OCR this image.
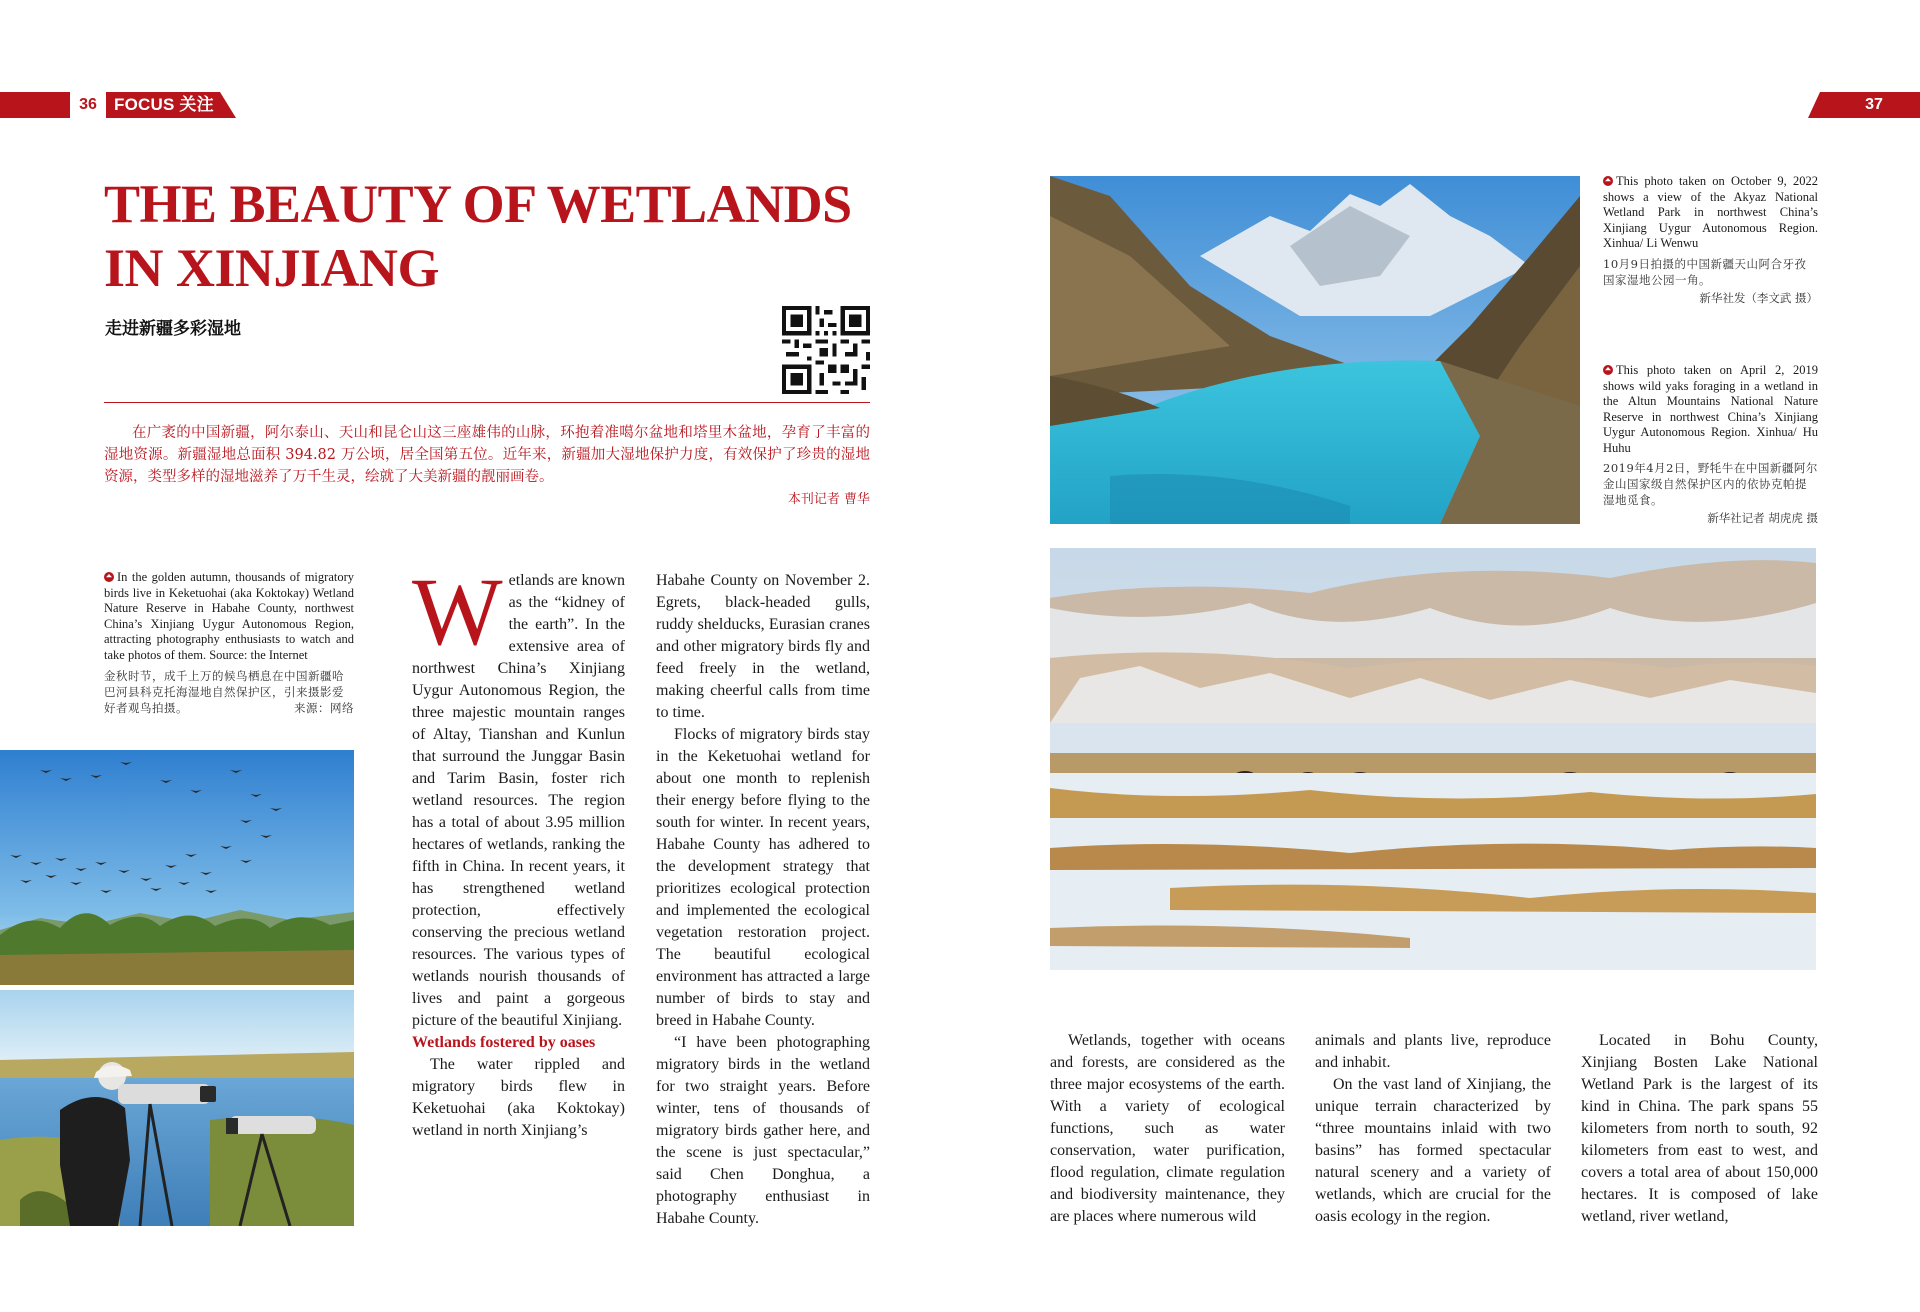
36	FOCUS 关注	37
THE BEAUTY OF WETLANDS
IN XINJIANG
走进新疆多彩湿地
在广袤的中国新疆，阿尔泰山、天山和昆仑山这三座雄伟的山脉，环抱着准噶尔盆地和塔里木盆地，孕育了丰富的湿地资源。新疆湿地总面积 394.82 万公顷，居全国第五位。近年来，新疆加大湿地保护力度，有效保护了珍贵的湿地资源，类型多样的湿地滋养了万千生灵，绘就了大美新疆的靓丽画卷。
本刊记者 曹华
In the golden autumn, thousands of migratory birds live in Keketuohai (aka Koktokay) Wetland Nature Reserve in Habahe County, northwest China’s Xinjiang Uygur Autonomous Region, attracting photography enthusiasts to watch and take photos of them. Source: the Internet
金秋时节，成千上万的候鸟栖息在中国新疆哈巴河县科克托海湿地自然保护区，引来摄影爱好者观鸟拍摄。	来源：网络

Wetlands are known as the “kidney of the earth”. In the extensive area of northwest China’s Xinjiang Uygur Autonomous Region, the three majestic mountain ranges of Altay, Tianshan and Kunlun that surround the Junggar Basin and Tarim Basin, foster rich wetland resources. The region has a total of about 3.95 million hectares of wetlands, ranking the fifth in China. In recent years, it has strengthened wetland protection, effectively conserving the precious wetland resources. The various types of wetlands nourish thousands of lives and paint a gorgeous picture of the beautiful Xinjiang.

Wetlands fostered by oases

The water rippled and migratory birds flew in Keketuohai (aka Koktokay) wetland in north Xinjiang’s

Habahe County on November 2. Egrets, black-headed gulls, ruddy shelducks, Eurasian cranes and other migratory birds fly and feed freely in the wetland, making cheerful calls from time to time.

Flocks of migratory birds stay in the Keketuohai wetland for about one month to replenish their energy before flying to the south for winter. In recent years, Habahe County has adhered to the development strategy that prioritizes ecological protection and implemented the ecological vegetation restoration project. The beautiful ecological environment has attracted a large number of birds to stay and breed in Habahe County.

“I have been photographing migratory birds in the wetland for two straight years. Before winter, tens of thousands of migratory birds gather here, and the scene is just spectacular,” said Chen Donghua, a photography enthusiast in Habahe County.

This photo taken on October 9, 2022 shows a view of the Akyaz National Wetland Park in northwest China’s Xinjiang Uygur Autonomous Region. Xinhua/ Li Wenwu
10月9日拍摄的中国新疆天山阿合牙孜国家湿地公园一角。
新华社发（李文武 摄）
This photo taken on April 2, 2019 shows wild yaks foraging in a wetland in the Altun Mountains National Nature Reserve in northwest China’s Xinjiang Uygur Autonomous Region. Xinhua/ Hu Huhu
2019年4月2日，野牦牛在中国新疆阿尔金山国家级自然保护区内的依协克帕提湿地觅食。
新华社记者 胡虎虎 摄

Wetlands, together with oceans and forests, are considered as the three major ecosystems of the earth. With a variety of ecological functions, such as water conservation, water purification, flood regulation, climate regulation and biodiversity maintenance, they are places where numerous wild

animals and plants live, reproduce and inhabit.

On the vast land of Xinjiang, the unique terrain characterized by “three mountains inlaid with two basins” has formed spectacular natural scenery and a variety of wetlands, which are crucial for the oasis ecology in the region.

Located in Bohu County, Xinjiang Bosten Lake National Wetland Park is the largest of its kind in China. The park spans 55 kilometers from north to south, 92 kilometers from east to west, and covers a total area of about 150,000 hectares. It is composed of lake wetland, river wetland,
